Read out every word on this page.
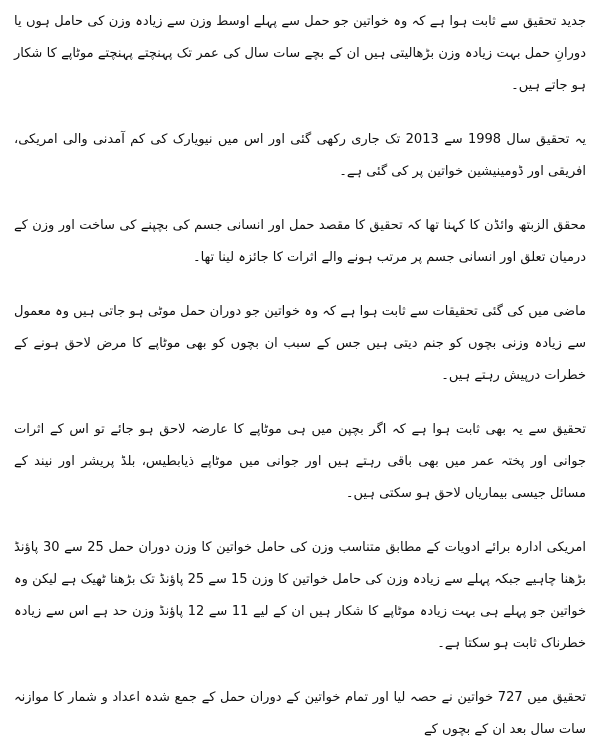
جدید تحقیق سے ثابت ہوا ہے کہ وہ خواتین جو حمل سے پہلے اوسط وزن سے زیادہ وزن کی حامل ہوں یا دورانِ حمل بہت زیادہ وزن بڑھالیتی ہیں ان کے بچے سات سال کی عمر تک پہنچتے پہنچتے موٹاپے کا شکار ہو جاتے ہیں۔

یہ تحقیق سال 1998 سے 2013 تک جاری رکھی گئی اور اس میں نیویارک کی کم آمدنی والی امریکی، افریقی اور ڈومینیشین خواتین پر کی گئی ہے۔

محقق الزبتھ وائڈن کا کہنا تھا کہ تحقیق کا مقصد حمل اور انسانی جسم کی بچپنے کی ساخت اور وزن کے درمیان تعلق اور انسانی جسم پر مرتب ہونے والے اثرات کا جائزہ لینا تھا۔

ماضی میں کی گئی تحقیقات سے ثابت ہوا ہے کہ وہ خواتین جو دوران حمل موٹی ہو جاتی ہیں وہ معمول سے زیادہ وزنی بچوں کو جنم دیتی ہیں جس کے سبب ان بچوں کو بھی موٹاپے کا مرض لاحق ہونے کے خطرات درپیش رہتے ہیں۔

تحقیق سے یہ بھی ثابت ہوا ہے کہ اگر بچپن میں ہی موٹاپے کا عارضہ لاحق ہو جائے تو اس کے اثرات جوانی اور پختہ عمر میں بھی باقی رہتے ہیں اور جوانی میں موٹاپے ذیابطیس، بلڈ پریشر اور نیند کے مسائل جیسی بیماریاں لاحق ہو سکتی ہیں۔

امریکی ادارہ برائے ادویات کے مطابق متناسب وزن کی حامل خواتین کا وزن دوران حمل 25 سے 30 پاؤنڈ بڑھنا چاہیے جبکہ پہلے سے زیادہ وزن کی حامل خواتین کا وزن 15 سے 25 پاؤنڈ تک بڑھنا ٹھیک ہے لیکن وہ خواتین جو پہلے ہی بہت زیادہ موٹاپے کا شکار ہیں ان کے لیے 11 سے 12 پاؤنڈ وزن حد ہے اس سے زیادہ خطرناک ثابت ہو سکتا ہے۔

تحقیق میں 727 خواتین نے حصہ لیا اور تمام خواتین کے دوران حمل کے جمع شدہ اعداد و شمار کا موازنہ سات سال بعد ان کے بچوں کے
